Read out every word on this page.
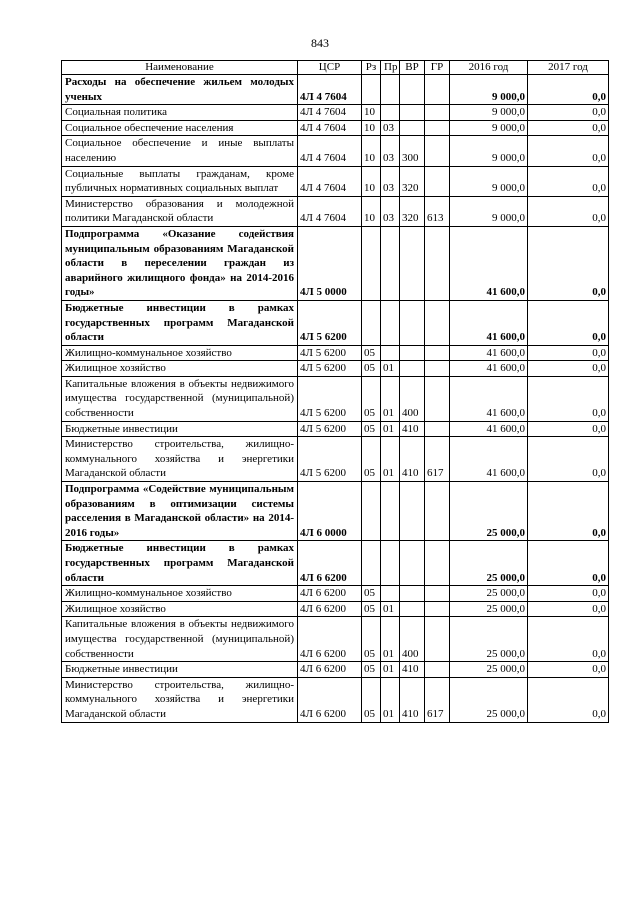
843
Наименование	ЦСР	Рз	Пр	ВР	ГР	2016 год	2017 год
Расходы на обеспечение жильем молодых ученых	4Л 4 7604					9 000,0	0,0
Социальная политика	4Л 4 7604	10				9 000,0	0,0
Социальное обеспечение населения	4Л 4 7604	10	03			9 000,0	0,0
Социальное обеспечение и иные выплаты населению	4Л 4 7604	10	03	300		9 000,0	0,0
Социальные выплаты гражданам, кроме публичных нормативных социальных выплат	4Л 4 7604	10	03	320		9 000,0	0,0
Министерство образования и молодежной политики Магаданской области	4Л 4 7604	10	03	320	613	9 000,0	0,0
Подпрограмма «Оказание содействия муниципальным образованиям Магаданской области в переселении граждан из аварийного жилищного фонда» на 2014-2016 годы»	4Л 5 0000					41 600,0	0,0
Бюджетные инвестиции в рамках государственных программ Магаданской области	4Л 5 6200					41 600,0	0,0
Жилищно-коммунальное хозяйство	4Л 5 6200	05				41 600,0	0,0
Жилищное хозяйство	4Л 5 6200	05	01			41 600,0	0,0
Капитальные вложения в объекты недвижимого имущества государственной (муниципальной) собственности	4Л 5 6200	05	01	400		41 600,0	0,0
Бюджетные инвестиции	4Л 5 6200	05	01	410		41 600,0	0,0
Министерство строительства, жилищно-коммунального хозяйства и энергетики Магаданской области	4Л 5 6200	05	01	410	617	41 600,0	0,0
Подпрограмма «Содействие муниципальным образованиям в оптимизации системы расселения в Магаданской области» на 2014-2016 годы»	4Л 6 0000					25 000,0	0,0
Бюджетные инвестиции в рамках государственных программ Магаданской области	4Л 6 6200					25 000,0	0,0
Жилищно-коммунальное хозяйство	4Л 6 6200	05				25 000,0	0,0
Жилищное хозяйство	4Л 6 6200	05	01			25 000,0	0,0
Капитальные вложения в объекты недвижимого имущества государственной (муниципальной) собственности	4Л 6 6200	05	01	400		25 000,0	0,0
Бюджетные инвестиции	4Л 6 6200	05	01	410		25 000,0	0,0
Министерство строительства, жилищно-коммунального хозяйства и энергетики Магаданской области	4Л 6 6200	05	01	410	617	25 000,0	0,0
